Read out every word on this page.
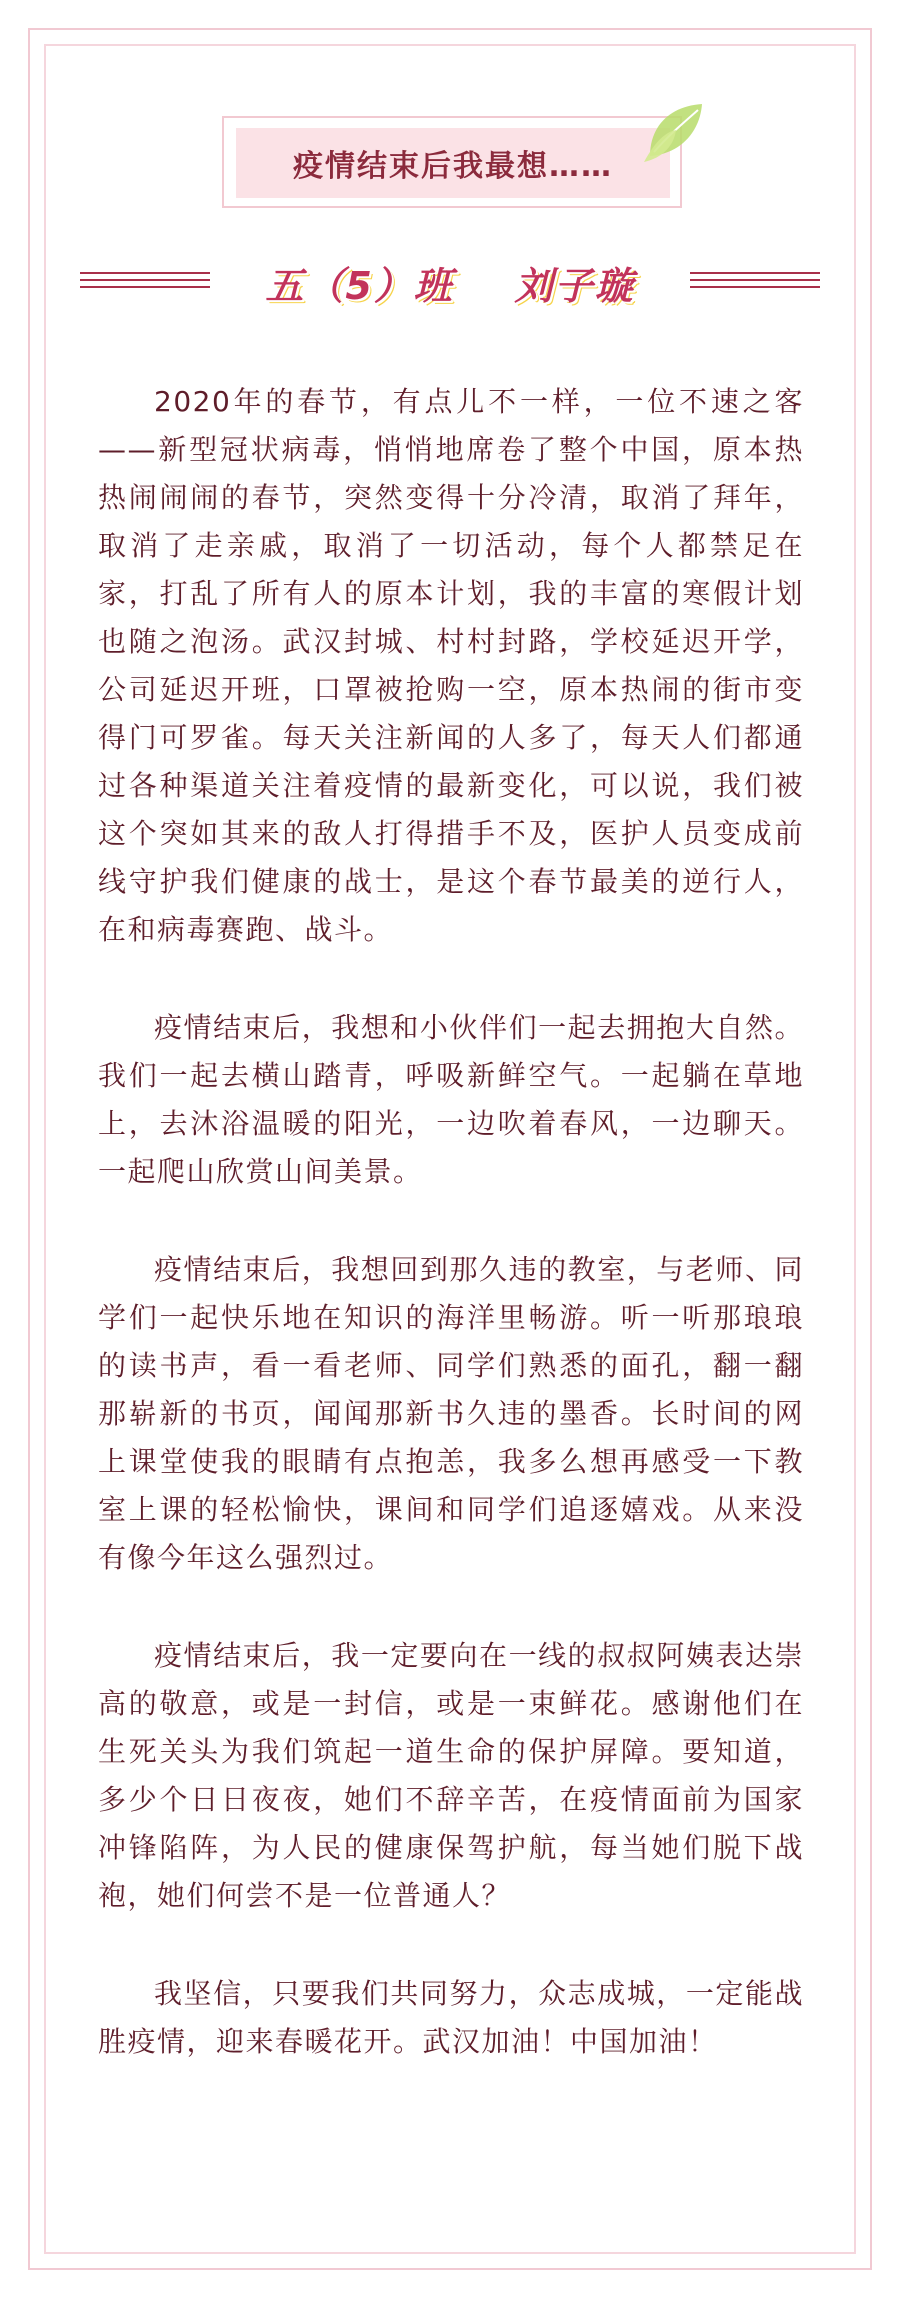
疫情结束后我最想……
五（5）班    刘子璇

2020年的春节，有点儿不一样，一位不速之客——新型冠状病毒，悄悄地席卷了整个中国，原本热热闹闹闹的春节，突然变得十分冷清，取消了拜年，取消了走亲戚，取消了一切活动，每个人都禁足在家，打乱了所有人的原本计划，我的丰富的寒假计划也随之泡汤。武汉封城、村村封路，学校延迟开学，公司延迟开班，口罩被抢购一空，原本热闹的街市变得门可罗雀。每天关注新闻的人多了，每天人们都通过各种渠道关注着疫情的最新变化，可以说，我们被这个突如其来的敌人打得措手不及，医护人员变成前线守护我们健康的战士，是这个春节最美的逆行人，在和病毒赛跑、战斗。

疫情结束后，我想和小伙伴们一起去拥抱大自然。我们一起去横山踏青，呼吸新鲜空气。一起躺在草地上，去沐浴温暖的阳光，一边吹着春风，一边聊天。一起爬山欣赏山间美景。

疫情结束后，我想回到那久违的教室，与老师、同学们一起快乐地在知识的海洋里畅游。听一听那琅琅的读书声，看一看老师、同学们熟悉的面孔，翻一翻那崭新的书页，闻闻那新书久违的墨香。长时间的网上课堂使我的眼睛有点抱恙，我多么想再感受一下教室上课的轻松愉快，课间和同学们追逐嬉戏。从来没有像今年这么强烈过。

疫情结束后，我一定要向在一线的叔叔阿姨表达崇高的敬意，或是一封信，或是一束鲜花。感谢他们在生死关头为我们筑起一道生命的保护屏障。要知道，多少个日日夜夜，她们不辞辛苦，在疫情面前为国家冲锋陷阵，为人民的健康保驾护航，每当她们脱下战袍，她们何尝不是一位普通人？

我坚信，只要我们共同努力，众志成城，一定能战胜疫情，迎来春暖花开。武汉加油！中国加油！
